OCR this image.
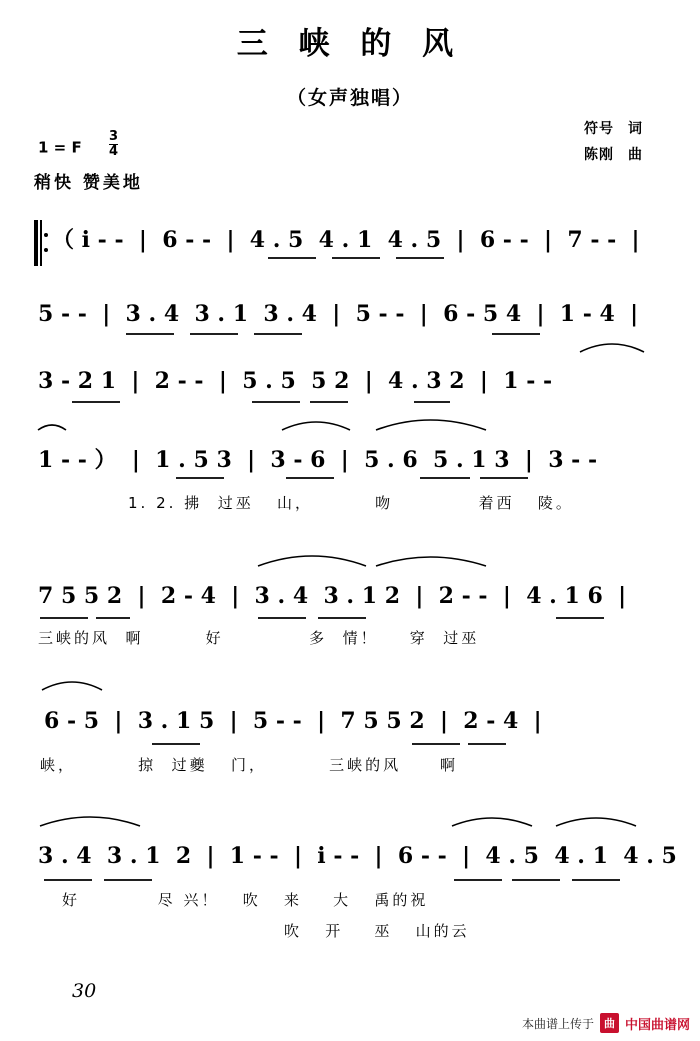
三 峡 的 风
（女声独唱）
符号 词
陈刚 曲
1 = F $\frac{3}{4}$
稍快 赞美地
（ i - -  |  6 - -  |  4 . 5  4 . 1  4 . 5  |  6 - -  |  7 - -  |
5 - -  |  3 . 4  3 . 1  3 . 4  |  5 - -  |  6 - 5 4  |  1 - 4  |
3 - 2 1  |  2 - -  |  5 . 5  5 2  |  4 . 3 2  |  1 - -
1 - - ）  |  1 . 5 3  |  3 - 6  |  5 . 6  5 . 1 3  |  3 - -
1. 2. 拂  过巫   山，        吻           着西   陵。
7 5 5 2  |  2 - 4  |  3 . 4  3 . 1 2  |  2 - -  |  4 . 1 6  |
三峡的风  啊        好           多  情！    穿  过巫
6 - 5  |  3 . 1 5  |  5 - -  |  7 5 5 2  |  2 - 4  |
峡，        掠  过夔   门，        三峡的风     啊
3 . 4  3 . 1  2  |  1 - -  |  i - -  |  6 - -  |  4 . 5  4 . 1  4 . 5
好          尽 兴！   吹   来    大   禹的祝
吹   开    巫   山的云
30
本曲谱上传于 曲 中国曲谱网
